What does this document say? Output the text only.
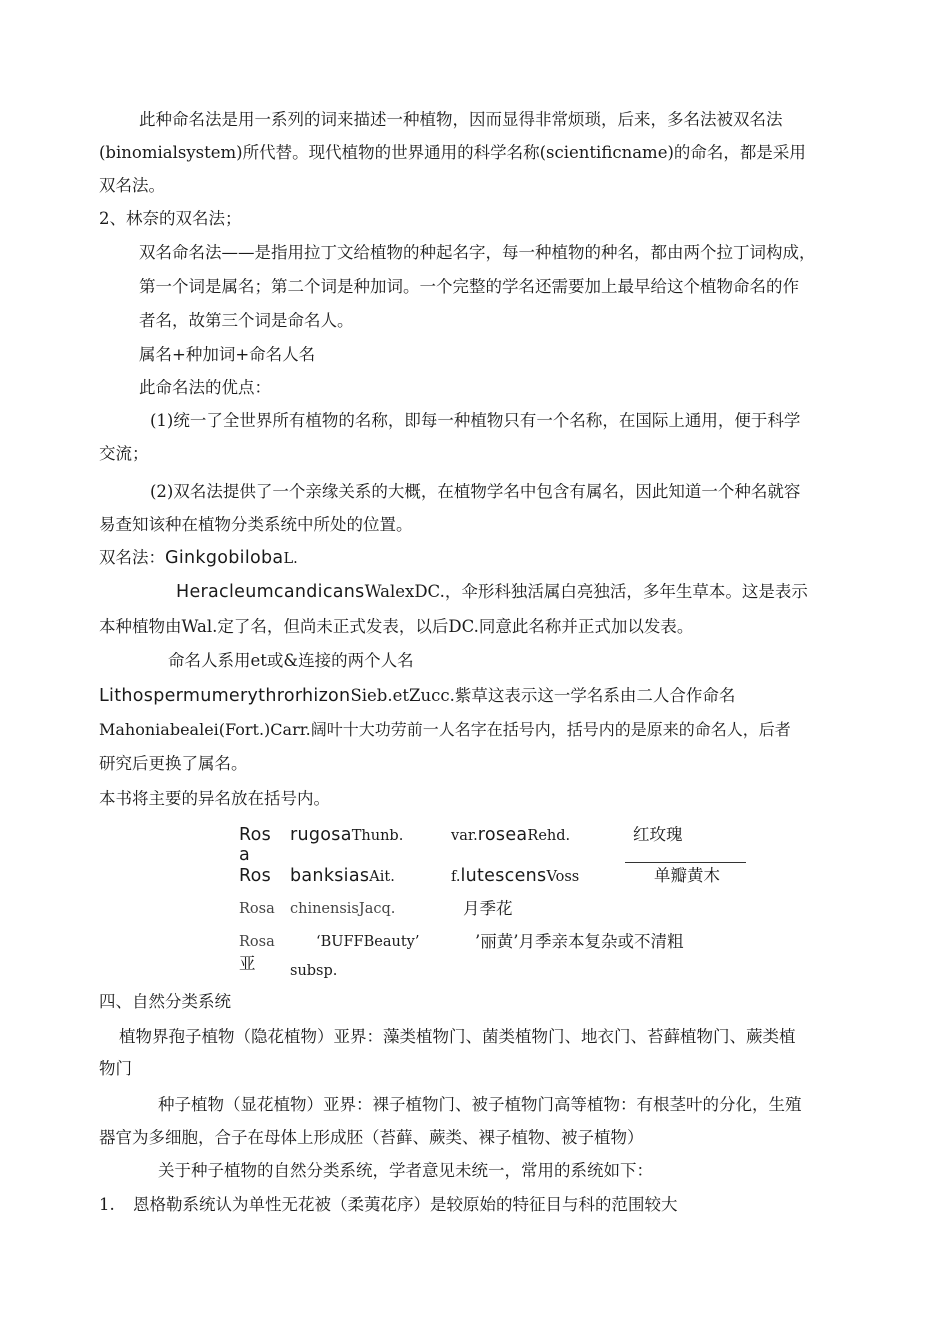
此种命名法是用一系列的词来描述一种植物，因而显得非常烦琐，后来，多名法被双名法
(binomialsystem)所代替。现代植物的世界通用的科学名称(scientificname)的命名，都是采用
双名法。
2、林奈的双名法；
双名命名法——是指用拉丁文给植物的种起名字，每一种植物的种名，都由两个拉丁词构成，
第一个词是属名；第二个词是种加词。一个完整的学名还需要加上最早给这个植物命名的作
者名，故第三个词是命名人。
属名+种加词+命名人名
此命名法的优点：
(1)统一了全世界所有植物的名称，即每一种植物只有一个名称，在国际上通用，便于科学
交流；
(2)双名法提供了一个亲缘关系的大概，在植物学名中包含有属名，因此知道一个种名就容
易查知该种在植物分类系统中所处的位置。
双名法：GinkgobilobaL.
HeracleumcandicansWalexDC.，伞形科独活属白亮独活，多年生草本。这是表示
本种植物由Wal.定了名，但尚未正式发表，以后DC.同意此名称并正式加以发表。
命名人系用et或&连接的两个人名
LithospermumerythrorhizonSieb.etZucc.紫草这表示这一学名系由二人合作命名
Mahoniabealei(Fort.)Carr.阔叶十大功劳前一人名字在括号内，括号内的是原来的命名人，后者
研究后更换了属名。
本书将主要的异名放在括号内。
Ros
a
rugosaThunb.	var.roseaRehd.	红玫瑰
Ros banksiasAit.	f.lutescensVoss	单瓣黄木
Rosa chinensisJacq.	月季花
Rosa	‘BUFFBeauty’	’丽黄’月季亲本复杂或不清粗
亚 subsp.
四、自然分类系统
植物界孢子植物（隐花植物）亚界：藻类植物门、菌类植物门、地衣门、苔藓植物门、蕨类植
物门
种子植物（显花植物）亚界：裸子植物门、被子植物门高等植物：有根茎叶的分化，生殖
器官为多细胞，合子在母体上形成胚（苔藓、蕨类、裸子植物、被子植物）
关于种子植物的自然分类系统，学者意见未统一，常用的系统如下：
1. 恩格勒系统认为单性无花被（柔荑花序）是较原始的特征目与科的范围较大
